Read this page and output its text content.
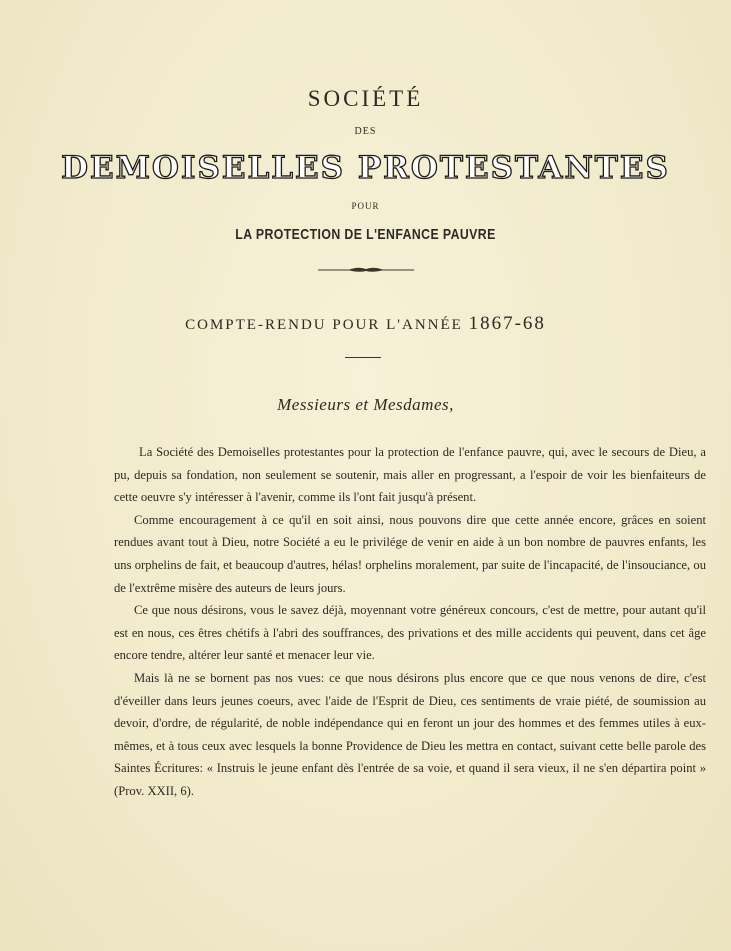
SOCIÉTÉ
DES
DEMOISELLES PROTESTANTES
POUR
LA PROTECTION DE L'ENFANCE PAUVRE
COMPTE-RENDU POUR L'ANNÉE 1867-68
Messieurs et Mesdames,

La Société des Demoiselles protestantes pour la protection de l'enfance pauvre, qui, avec le secours de Dieu, a pu, depuis sa fondation, non seulement se soutenir, mais aller en progressant, a l'espoir de voir les bienfaiteurs de cette oeuvre s'y intéresser à l'avenir, comme ils l'ont fait jusqu'à présent.

Comme encouragement à ce qu'il en soit ainsi, nous pouvons dire que cette année encore, grâces en soient rendues avant tout à Dieu, notre Société a eu le privilége de venir en aide à un bon nombre de pauvres enfants, les uns orphelins de fait, et beaucoup d'autres, hélas! orphelins moralement, par suite de l'incapacité, de l'insouciance, ou de l'extrême misère des auteurs de leurs jours.

Ce que nous désirons, vous le savez déjà, moyennant votre généreux concours, c'est de mettre, pour autant qu'il est en nous, ces êtres chétifs à l'abri des souffrances, des privations et des mille accidents qui peuvent, dans cet âge encore tendre, altérer leur santé et menacer leur vie.

Mais là ne se bornent pas nos vues: ce que nous désirons plus encore que ce que nous venons de dire, c'est d'éveiller dans leurs jeunes coeurs, avec l'aide de l'Esprit de Dieu, ces sentiments de vraie piété, de soumission au devoir, d'ordre, de régularité, de noble indépendance qui en feront un jour des hommes et des femmes utiles à eux-mêmes, et à tous ceux avec lesquels la bonne Providence de Dieu les mettra en contact, suivant cette belle parole des Saintes Écritures: « Instruis le jeune enfant dès l'entrée de sa voie, et quand il sera vieux, il ne s'en départira point » (Prov. XXII, 6).
